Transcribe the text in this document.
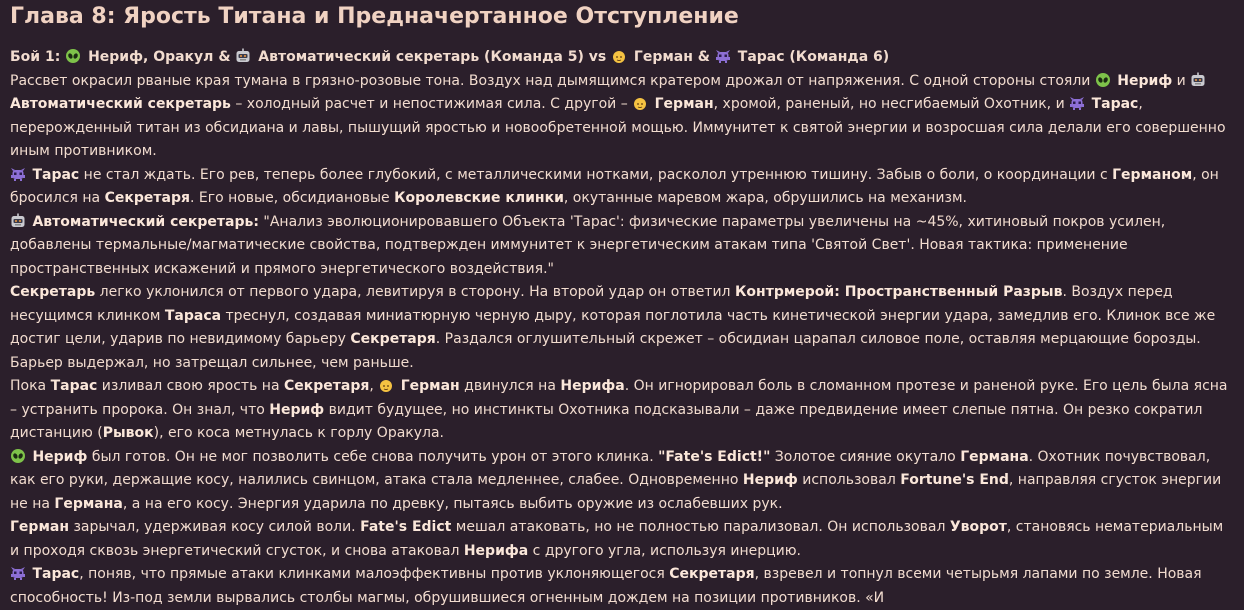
Глава 8: Ярость Титана и Предначертанное Отступление
Бой 1: Нериф, Оракул & Автоматический секретарь (Команда 5) vs Герман & Тарас (Команда 6)

Рассвет окрасил рваные края тумана в грязно-розовые тона. Воздух над дымящимся кратером дрожал от напряжения. С одной стороны стояли
Нериф и
Автоматический секретарь – холодный расчет и непостижимая сила. С другой –
Герман, хромой, раненый, но несгибаемый Охотник, и
Тарас, перерожденный титан из обсидиана и лавы, пышущий яростью и новообретенной мощью. Иммунитет к святой энергии и возросшая сила делали его совершенно иным противником.

Тарас не стал ждать. Его рев, теперь более глубокий, с металлическими нотками, расколол утреннюю тишину. Забыв о боли, о координации с Германом, он бросился на Секретаря. Его новые, обсидиановые Королевские клинки, окутанные маревом жара, обрушились на механизм.

Автоматический секретарь: "Анализ эволюционировавшего Объекта 'Тарас': физические параметры увеличены на ~45%, хитиновый покров усилен, добавлены термальные/магматические свойства, подтвержден иммунитет к энергетическим атакам типа 'Святой Свет'. Новая тактика: применение пространственных искажений и прямого энергетического воздействия."

Секретарь легко уклонился от первого удара, левитируя в сторону. На второй удар он ответил Контрмерой: Пространственный Разрыв. Воздух перед несущимся клинком Тараса треснул, создавая миниатюрную черную дыру, которая поглотила часть кинетической энергии удара, замедлив его. Клинок все же достиг цели, ударив по невидимому барьеру Секретаря. Раздался оглушительный скрежет – обсидиан царапал силовое поле, оставляя мерцающие борозды. Барьер выдержал, но затрещал сильнее, чем раньше.

Пока Тарас изливал свою ярость на Секретаря,
Герман двинулся на Нерифа. Он игнорировал боль в сломанном протезе и раненой руке. Его цель была ясна – устранить пророка. Он знал, что Нериф видит будущее, но инстинкты Охотника подсказывали – даже предвидение имеет слепые пятна. Он резко сократил дистанцию (Рывок), его коса метнулась к горлу Оракула.

Нериф был готов. Он не мог позволить себе снова получить урон от этого клинка. "Fate's Edict!" Золотое сияние окутало Германа. Охотник почувствовал, как его руки, держащие косу, налились свинцом, атака стала медленнее, слабее. Одновременно Нериф использовал Fortune's End, направляя сгусток энергии не на Германа, а на его косу. Энергия ударила по древку, пытаясь выбить оружие из ослабевших рук.

Герман зарычал, удерживая косу силой воли. Fate's Edict мешал атаковать, но не полностью парализовал. Он использовал Уворот, становясь нематериальным и проходя сквозь энергетический сгусток, и снова атаковал Нерифа с другого угла, используя инерцию.

Тарас, поняв, что прямые атаки клинками малоэффективны против уклоняющегося Секретаря, взревел и топнул всеми четырьмя лапами по земле. Новая способность! Из-под земли вырвались столбы магмы, обрушившиеся огненным дождем на позиции противников. «И
